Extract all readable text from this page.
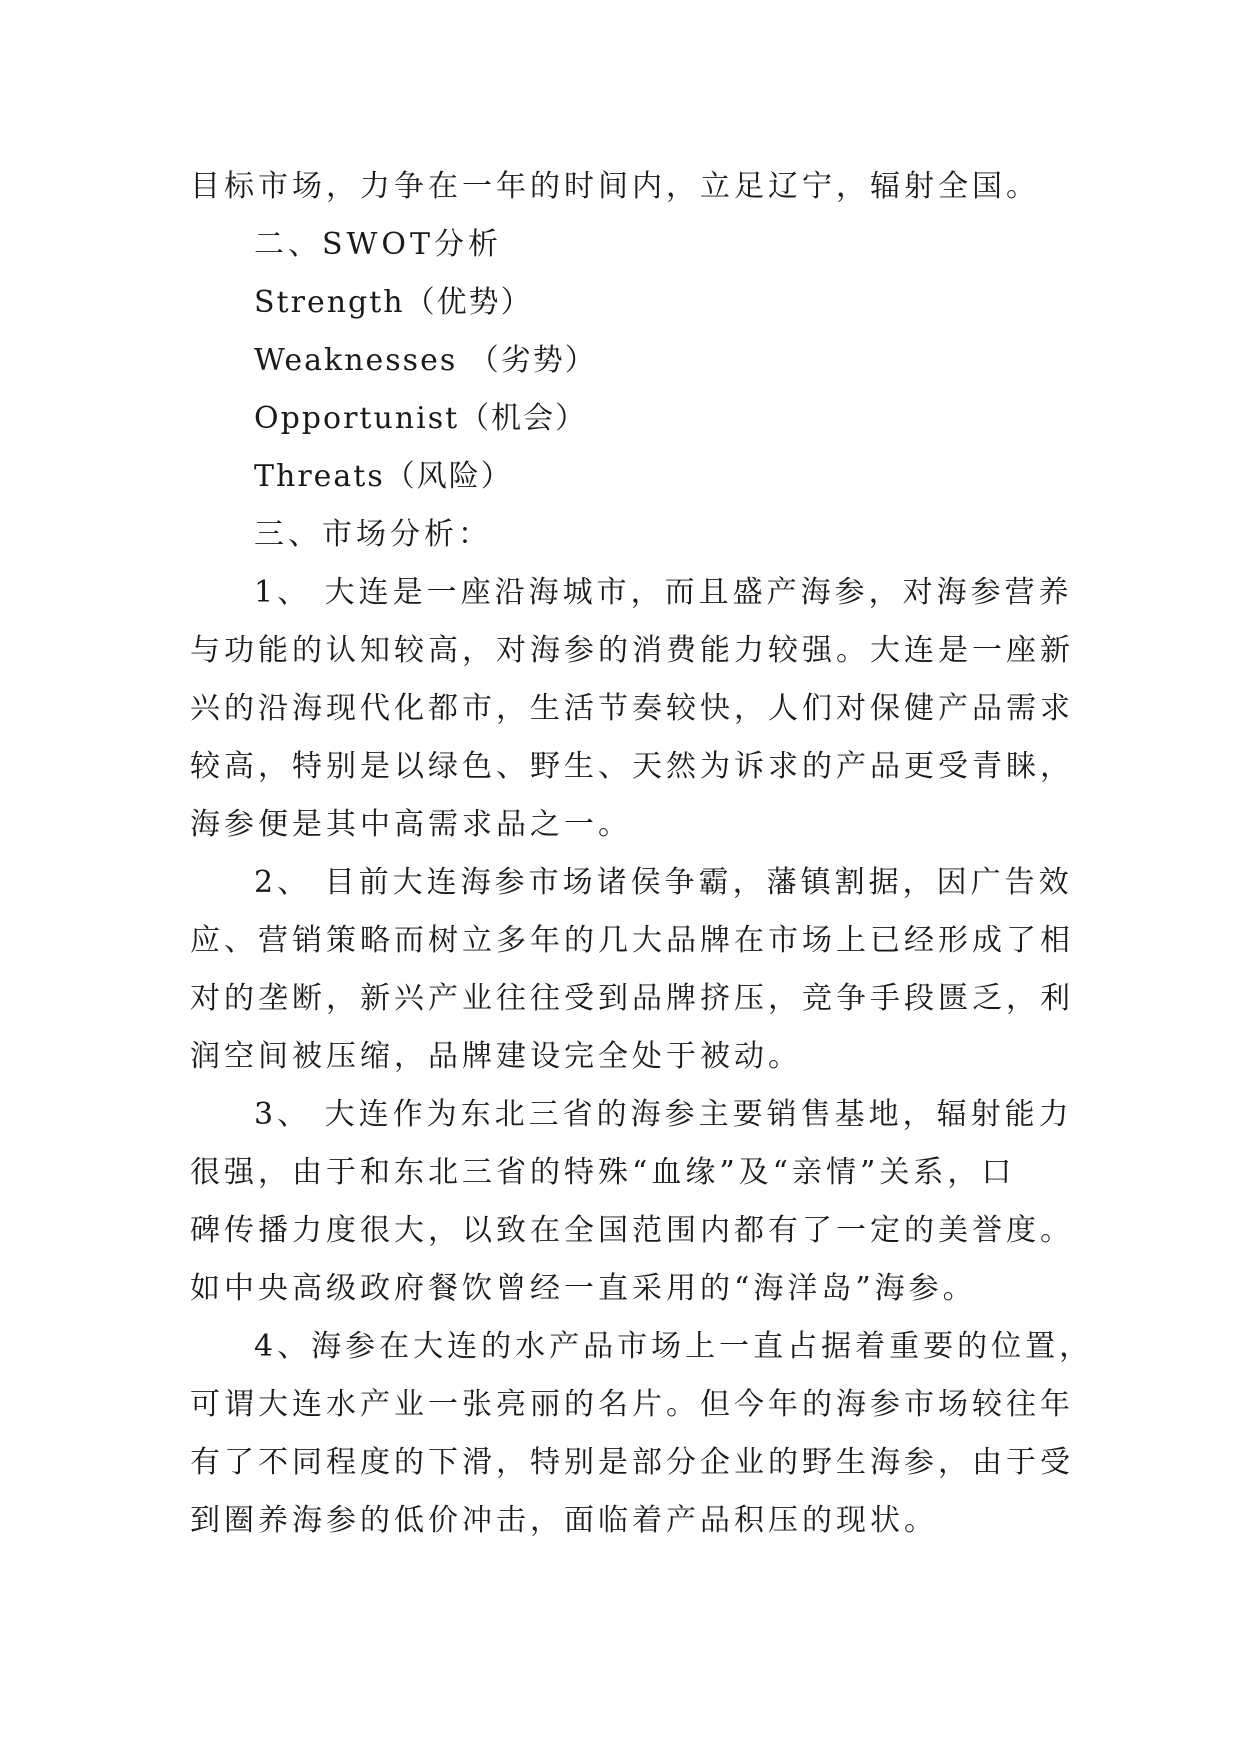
目标市场，力争在一年的时间内，立足辽宁，辐射全国。

二、SWOT分析

Strength（优势）

Weaknesses （劣势）

Opportunist（机会）

Threats（风险）

三、市场分析：

1、 大连是一座沿海城市，而且盛产海参，对海参营养

与功能的认知较高，对海参的消费能力较强。大连是一座新

兴的沿海现代化都市，生活节奏较快，人们对保健产品需求

较高，特别是以绿色、野生、天然为诉求的产品更受青睐，

海参便是其中高需求品之一。

2、 目前大连海参市场诸侯争霸，藩镇割据，因广告效

应、营销策略而树立多年的几大品牌在市场上已经形成了相

对的垄断，新兴产业往往受到品牌挤压，竞争手段匮乏，利

润空间被压缩，品牌建设完全处于被动。

3、 大连作为东北三省的海参主要销售基地，辐射能力

很强，由于和东北三省的特殊“血缘”及“亲情”关系，口

碑传播力度很大，以致在全国范围内都有了一定的美誉度。

如中央高级政府餐饮曾经一直采用的“海洋岛”海参。

4、海参在大连的水产品市场上一直占据着重要的位置，

可谓大连水产业一张亮丽的名片。但今年的海参市场较往年

有了不同程度的下滑，特别是部分企业的野生海参，由于受

到圈养海参的低价冲击，面临着产品积压的现状。
